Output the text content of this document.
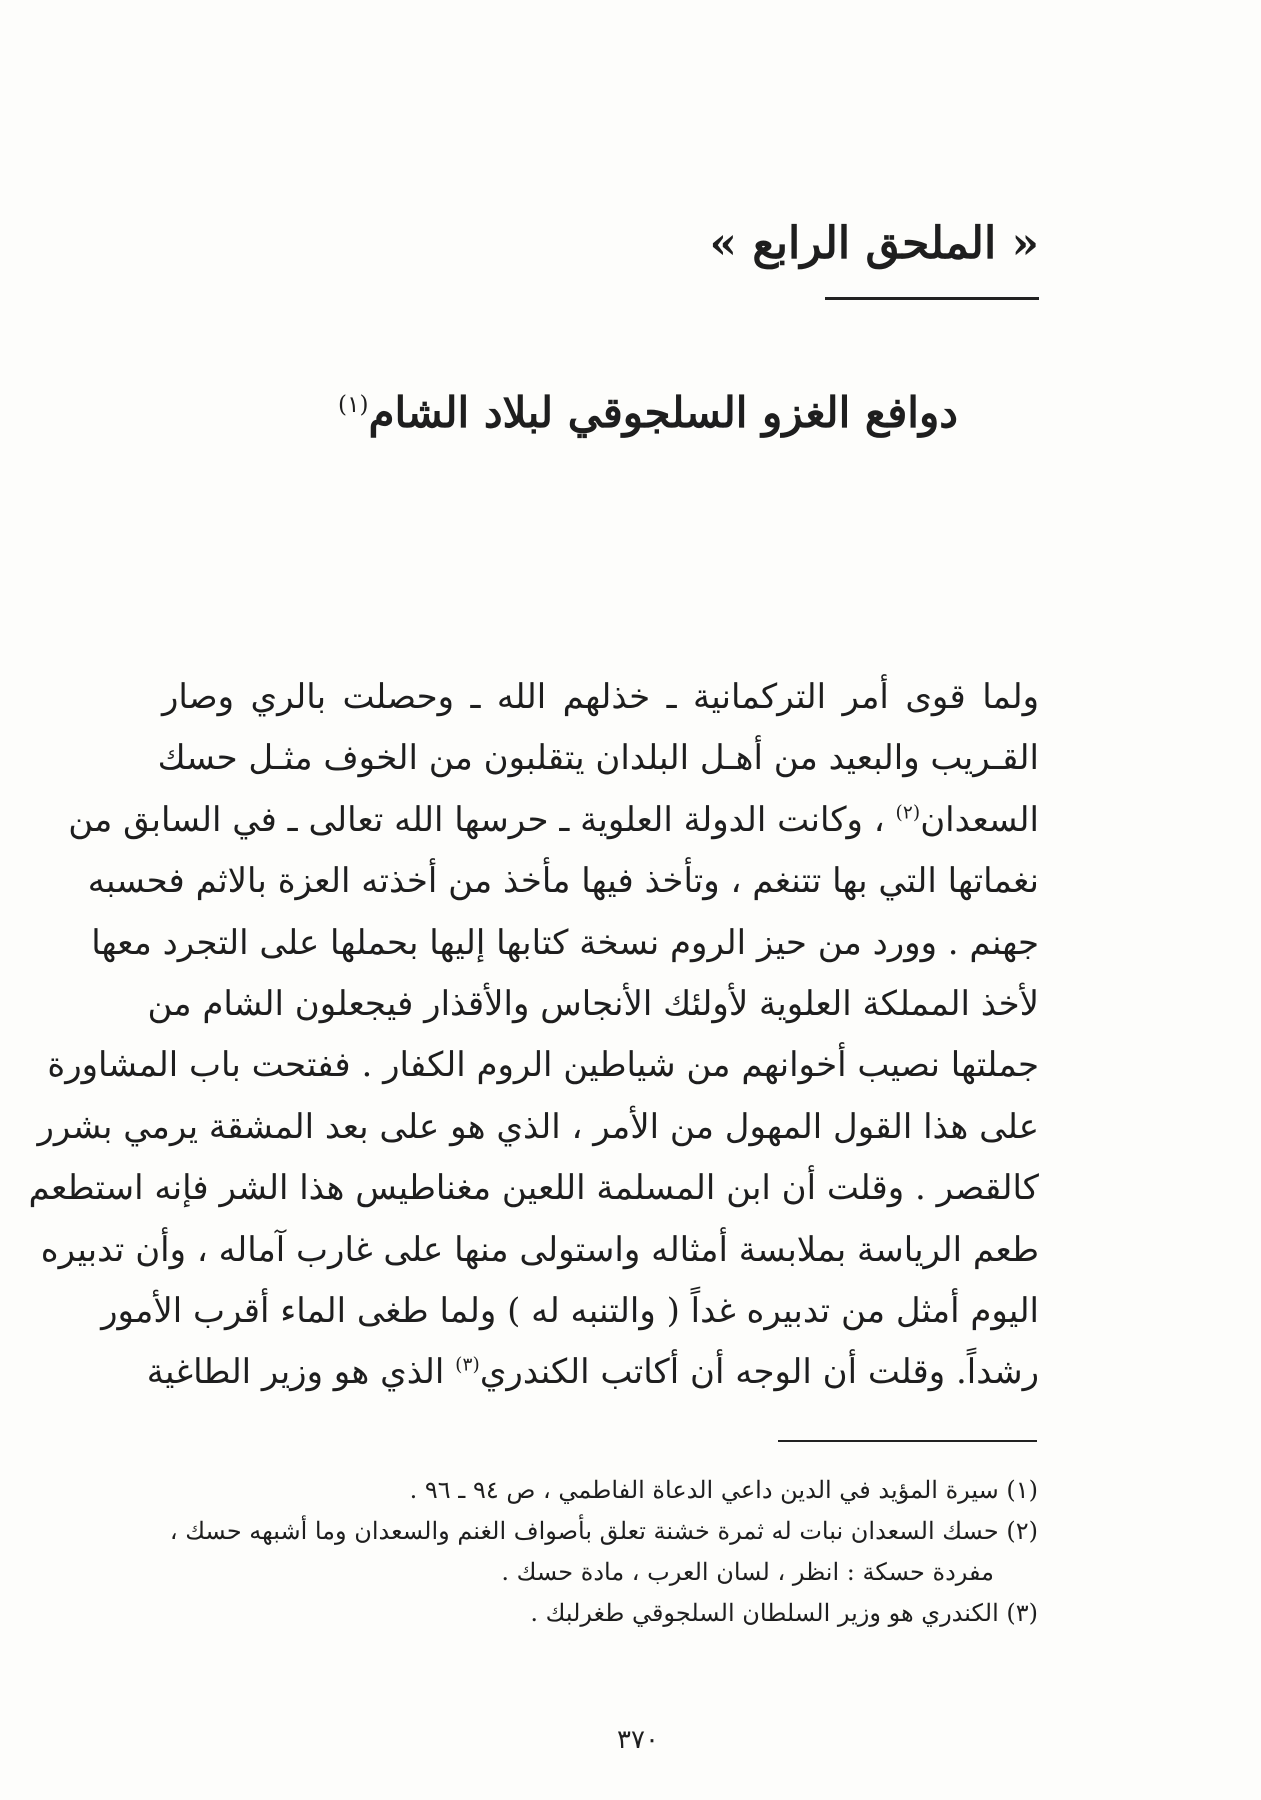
« الملحق الرابع »
دوافع الغزو السلجوقي لبلاد الشام$^{(١)}$
ولما قوى أمر التركمانية ـ خذلهم الله ـ وحصلت بالري وصار
القـريب والبعيد من أهـل البلدان يتقلبون من الخوف مثـل حسك
السعدان$^{(٢)}$ ، وكانت الدولة العلوية ـ حرسها الله تعالى ـ في السابق من
نغماتها التي بها تتنغم ، وتأخذ فيها مأخذ من أخذته العزة بالاثم فحسبه
جهنم . وورد من حيز الروم نسخة كتابها إليها بحملها على التجرد معها
لأخذ المملكة العلوية لأولئك الأنجاس والأقذار فيجعلون الشام من
جملتها نصيب أخوانهم من شياطين الروم الكفار . ففتحت باب المشاورة
على هذا القول المهول من الأمر ، الذي هو على بعد المشقة يرمي بشرر
كالقصر . وقلت أن ابن المسلمة اللعين مغناطيس هذا الشر فإنه استطعم
طعم الرياسة بملابسة أمثاله واستولى منها على غارب آماله ، وأن تدبيره
اليوم أمثل من تدبيره غداً ( والتنبه له ) ولما طغى الماء أقرب الأمور
رشداً. وقلت أن الوجه أن أكاتب الكندري$^{(٣)}$ الذي هو وزير الطاغية
(١) سيرة المؤيد في الدين داعي الدعاة الفاطمي ، ص ٩٤ ـ ٩٦ .
(٢) حسك السعدان نبات له ثمرة خشنة تعلق بأصواف الغنم والسعدان وما أشبهه حسك ،
مفردة حسكة : انظر ، لسان العرب ، مادة حسك .
(٣) الكندري هو وزير السلطان السلجوقي طغرلبك .
٣٧٠
